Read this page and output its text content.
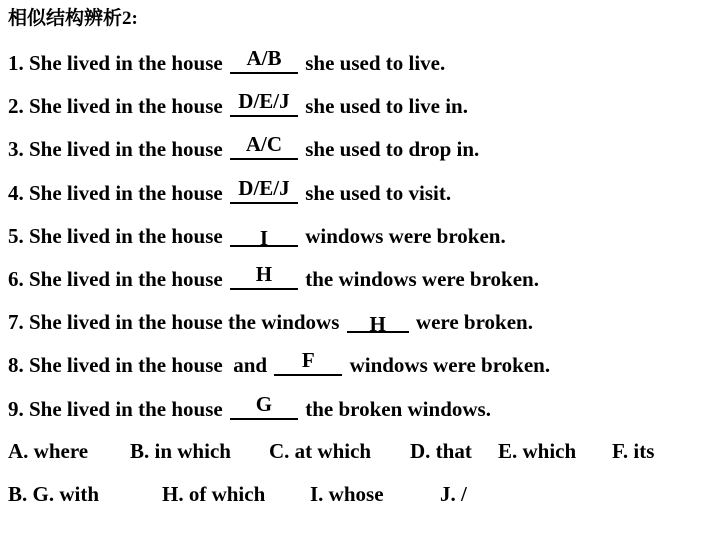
相似结构辨析2:
1. She lived in the house	A/B	she used to live.
2. She lived in the house D/E/J she used to live in.
3. She lived in the house	A/C	she used to drop in.
4. She lived in the house D/E/J she used to visit.
5. She lived in the house	I	windows were broken.
6. She lived in the house	H	the windows were broken.
7. She lived in the house the windows	H	were broken.
8. She lived in the house  and	F	windows were broken.
9. She lived in the house	G	the broken windows.
A. where B. in which C. at which D. that E. which F. its
B. G. with	H. of which I. whose	J. /
